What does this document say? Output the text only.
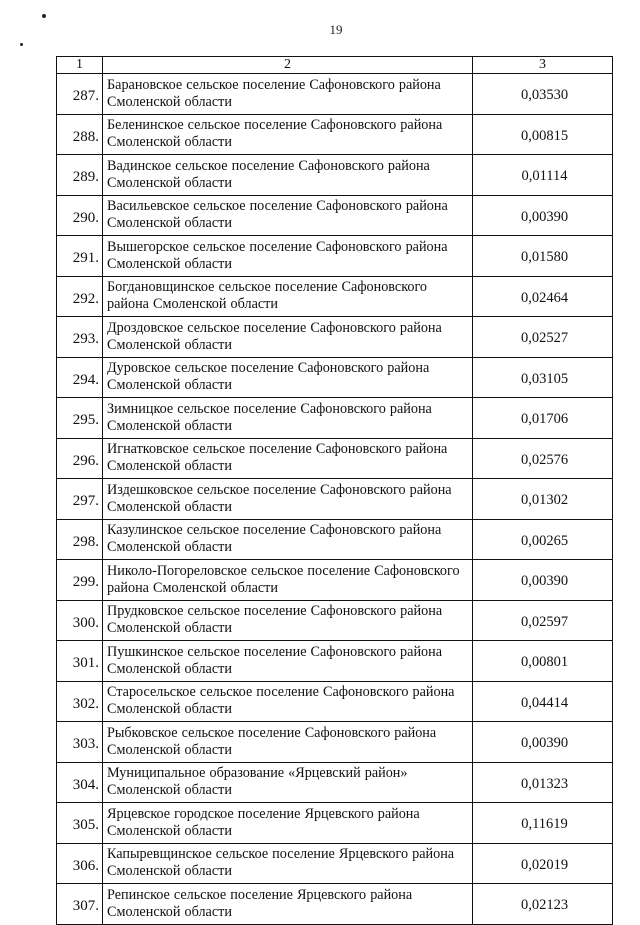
19
1	2	3
287.	Барановское сельское поселение Сафоновского района Смоленской области	0,03530
288.	Беленинское сельское поселение Сафоновского района Смоленской области	0,00815
289.	Вадинское сельское поселение Сафоновского района Смоленской области	0,01114
290.	Васильевское сельское поселение Сафоновского района Смоленской области	0,00390
291.	Вышегорское сельское поселение Сафоновского района Смоленской области	0,01580
292.	Богдановщинское сельское поселение Сафоновского района Смоленской области	0,02464
293.	Дроздовское сельское поселение Сафоновского района Смоленской области	0,02527
294.	Дуровское сельское поселение Сафоновского района Смоленской области	0,03105
295.	Зимницкое сельское поселение Сафоновского района Смоленской области	0,01706
296.	Игнатковское сельское поселение Сафоновского района Смоленской области	0,02576
297.	Издешковское сельское поселение Сафоновского района Смоленской области	0,01302
298.	Казулинское сельское поселение Сафоновского района Смоленской области	0,00265
299.	Николо-Погореловское сельское поселение Сафоновского района Смоленской области	0,00390
300.	Прудковское сельское поселение Сафоновского района Смоленской области	0,02597
301.	Пушкинское сельское поселение Сафоновского района Смоленской области	0,00801
302.	Старосельское сельское поселение Сафоновского района Смоленской области	0,04414
303.	Рыбковское сельское поселение Сафоновского района Смоленской области	0,00390
304.	Муниципальное образование «Ярцевский район» Смоленской области	0,01323
305.	Ярцевское городское поселение Ярцевского района Смоленской области	0,11619
306.	Капыревщинское сельское поселение Ярцевского района Смоленской области	0,02019
307.	Репинское сельское поселение Ярцевского района Смоленской области	0,02123
